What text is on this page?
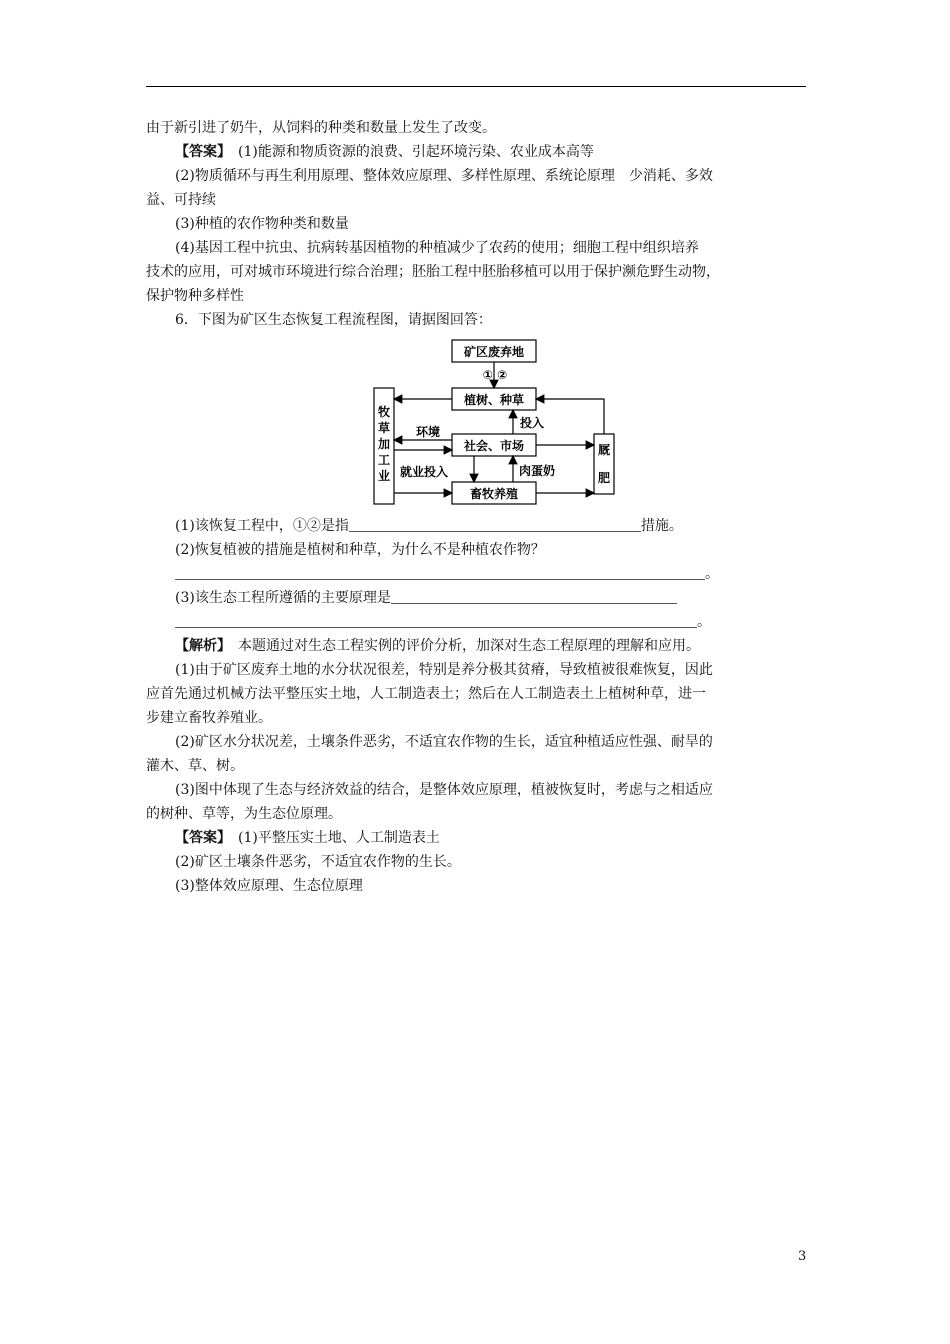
由于新引进了奶牛，从饲料的种类和数量上发生了改变。

【答案】　 (1)能源和物质资源的浪费、引起环境污染、农业成本高等

(2)物质循环与再生利用原理、整体效应原理、多样性原理、系统论原理　少消耗、多效

益、可持续

(3)种植的农作物种类和数量

(4)基因工程中抗虫、抗病转基因植物的种植减少了农药的使用；细胞工程中组织培养

技术的应用，可对城市环境进行综合治理；胚胎工程中胚胎移植可以用于保护濒危野生动物，

保护物种多样性

6．下图为矿区生态恢复工程流程图，请据图回答：

矿区废弃地
① ②
植树、种草
投入
环境
社会、市场
就业投入	肉蛋奶
畜牧养殖
牧
草
加
工
业
厩
肥

(1)该恢复工程中，①②是指	措施。

(2)恢复植被的措施是植树和种草，为什么不是种植农作物？

。

(3)该生态工程所遵循的主要原理是

。

【解析】　本题通过对生态工程实例的评价分析，加深对生态工程原理的理解和应用。

(1)由于矿区废弃土地的水分状况很差，特别是养分极其贫瘠，导致植被很难恢复，因此

应首先通过机械方法平整压实土地，人工制造表土；然后在人工制造表土上植树种草，进一

步建立畜牧养殖业。

(2)矿区水分状况差，土壤条件恶劣，不适宜农作物的生长，适宜种植适应性强、耐旱的

灌木、草、树。

(3)图中体现了生态与经济效益的结合，是整体效应原理，植被恢复时，考虑与之相适应

的树种、草等，为生态位原理。

【答案】　(1)平整压实土地、人工制造表土

(2)矿区土壤条件恶劣，不适宜农作物的生长。

(3)整体效应原理、生态位原理

3
